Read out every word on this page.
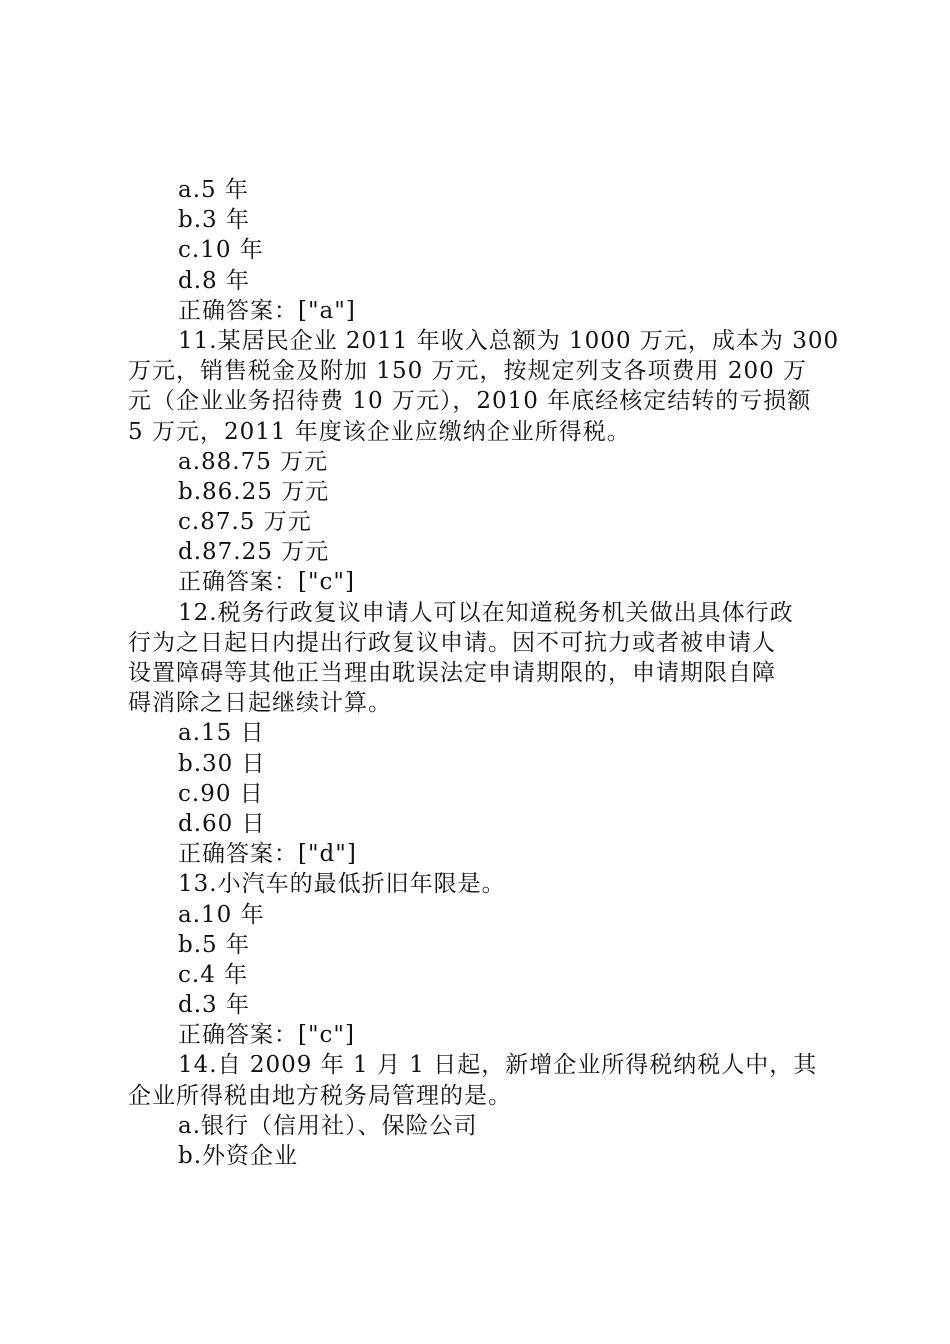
a.5 年
b.3 年
c.10 年
d.8 年
正确答案：["a"]
11.某居民企业 2011 年收入总额为 1000 万元，成本为 300
万元，销售税金及附加 150 万元，按规定列支各项费用 200 万
元（企业业务招待费 10 万元），2010 年底经核定结转的亏损额
5 万元，2011 年度该企业应缴纳企业所得税。
a.88.75 万元
b.86.25 万元
c.87.5 万元
d.87.25 万元
正确答案：["c"]
12.税务行政复议申请人可以在知道税务机关做出具体行政
行为之日起日内提出行政复议申请。因不可抗力或者被申请人
设置障碍等其他正当理由耽误法定申请期限的，申请期限自障
碍消除之日起继续计算。
a.15 日
b.30 日
c.90 日
d.60 日
正确答案：["d"]
13.小汽车的最低折旧年限是。
a.10 年
b.5 年
c.4 年
d.3 年
正确答案：["c"]
14.自 2009 年 1 月 1 日起，新增企业所得税纳税人中，其
企业所得税由地方税务局管理的是。
a.银行（信用社）、保险公司
b.外资企业
